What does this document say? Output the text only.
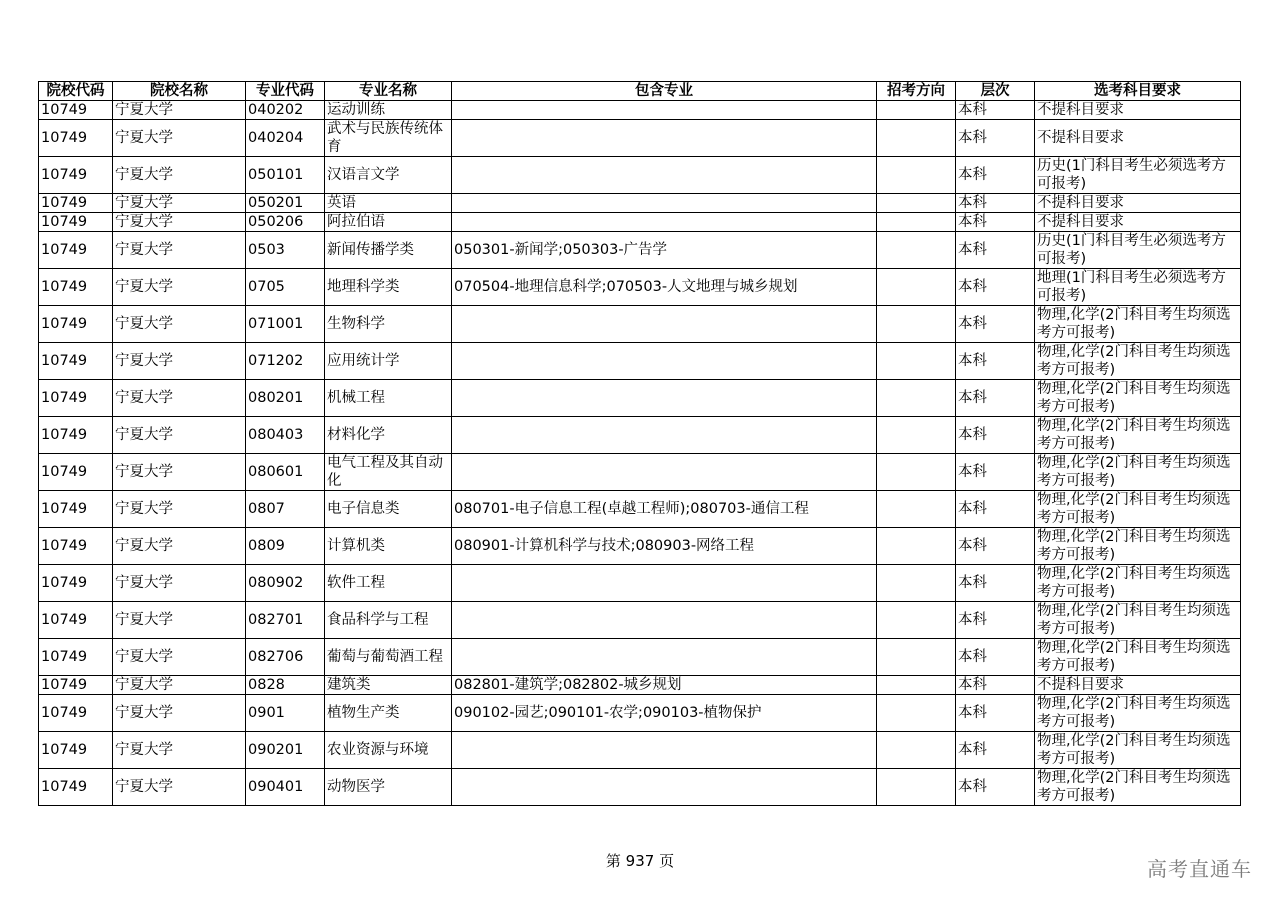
院校代码	院校名称	专业代码	专业名称	包含专业	招考方向	层次	选考科目要求
10749	宁夏大学	040202	运动训练			本科	不提科目要求
10749	宁夏大学	040204	武术与民族传统体育			本科	不提科目要求
10749	宁夏大学	050101	汉语言文学			本科	历史(1门科目考生必须选考方可报考)
10749	宁夏大学	050201	英语			本科	不提科目要求
10749	宁夏大学	050206	阿拉伯语			本科	不提科目要求
10749	宁夏大学	0503	新闻传播学类	050301-新闻学;050303-广告学		本科	历史(1门科目考生必须选考方可报考)
10749	宁夏大学	0705	地理科学类	070504-地理信息科学;070503-人文地理与城乡规划		本科	地理(1门科目考生必须选考方可报考)
10749	宁夏大学	071001	生物科学			本科	物理,化学(2门科目考生均须选考方可报考)
10749	宁夏大学	071202	应用统计学			本科	物理,化学(2门科目考生均须选考方可报考)
10749	宁夏大学	080201	机械工程			本科	物理,化学(2门科目考生均须选考方可报考)
10749	宁夏大学	080403	材料化学			本科	物理,化学(2门科目考生均须选考方可报考)
10749	宁夏大学	080601	电气工程及其自动化			本科	物理,化学(2门科目考生均须选考方可报考)
10749	宁夏大学	0807	电子信息类	080701-电子信息工程(卓越工程师);080703-通信工程		本科	物理,化学(2门科目考生均须选考方可报考)
10749	宁夏大学	0809	计算机类	080901-计算机科学与技术;080903-网络工程		本科	物理,化学(2门科目考生均须选考方可报考)
10749	宁夏大学	080902	软件工程			本科	物理,化学(2门科目考生均须选考方可报考)
10749	宁夏大学	082701	食品科学与工程			本科	物理,化学(2门科目考生均须选考方可报考)
10749	宁夏大学	082706	葡萄与葡萄酒工程			本科	物理,化学(2门科目考生均须选考方可报考)
10749	宁夏大学	0828	建筑类	082801-建筑学;082802-城乡规划		本科	不提科目要求
10749	宁夏大学	0901	植物生产类	090102-园艺;090101-农学;090103-植物保护		本科	物理,化学(2门科目考生均须选考方可报考)
10749	宁夏大学	090201	农业资源与环境			本科	物理,化学(2门科目考生均须选考方可报考)
10749	宁夏大学	090401	动物医学			本科	物理,化学(2门科目考生均须选考方可报考)
第 937 页	高考直通车
